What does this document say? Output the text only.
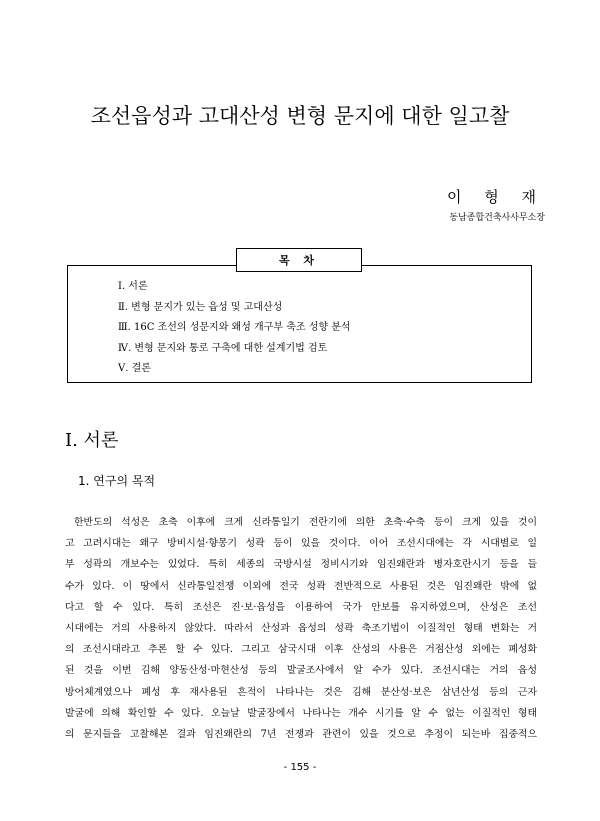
조선읍성과 고대산성 변형 문지에 대한 일고찰
이 형 재
동남종합건축사사무소장
목 차
Ⅰ. 서론
Ⅱ. 변형 문지가 있는 읍성 및 고대산성
Ⅲ. 16C 조선의 성문지와 왜성 개구부 축조 성향 분석
Ⅳ. 변형 문지와 통로 구축에 대한 설계기법 검토
Ⅴ. 결론
Ⅰ. 서론
1. 연구의 목적
한반도의 석성은 초축 이후에 크게 신라통일기 전란기에 의한 초축·수축 등이 크게 있을 것이
고 고려시대는 왜구 방비시설·향몽기 성곽 등이 있을 것이다. 이어 조선시대에는 각 시대별로 일
부 성곽의 개보수는 있었다. 특히 세종의 국방시설 정비시기와 임진왜란과 병자호란시기 등을 들
수가 있다. 이 땅에서 신라통일전쟁 이외에 전국 성곽 전반적으로 사용된 것은 임진왜란 밖에 없
다고 할 수 있다. 특히 조선은 진·보·읍성을 이용하여 국가 안보를 유지하였으며, 산성은 조선
시대에는 거의 사용하지 않았다. 따라서 산성과 읍성의 성곽 축조기법이 이질적인 형태 변화는 거
의 조선시대라고 추론 할 수 있다. 그리고 삼국시대 이후 산성의 사용은 거점산성 외에는 폐성화
된 것을 이번 김해 양동산성·마현산성 등의 발굴조사에서 알 수가 있다. 조선시대는 거의 읍성
방어체계였으나 폐성 후 재사용된 흔적이 나타나는 것은 김해 분산성·보은 삼년산성 등의 근자
발굴에 의해 확인할 수 있다. 오늘날 발굴장에서 나타나는 개수 시기를 알 수 없는 이질적인 형태
의 문지들을 고찰해본 결과 임진왜란의 7년 전쟁과 관련이 있을 것으로 추정이 되는바 집중적으
- 155 -
